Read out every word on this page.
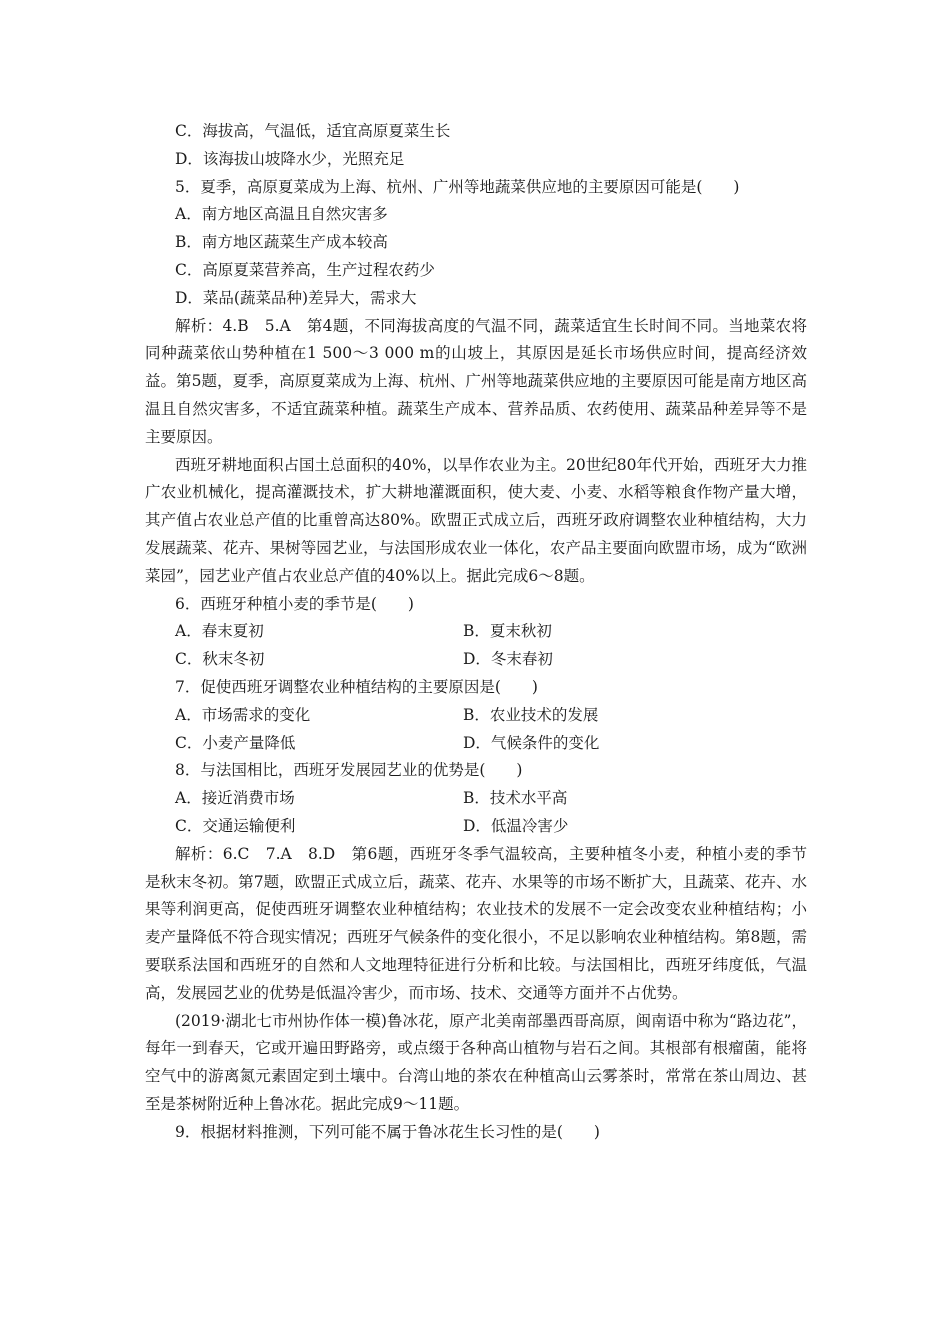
C．海拔高，气温低，适宜高原夏菜生长
D．该海拔山坡降水少，光照充足
5．夏季，高原夏菜成为上海、杭州、广州等地蔬菜供应地的主要原因可能是(　　)
A．南方地区高温且自然灾害多
B．南方地区蔬菜生产成本较高
C．高原夏菜营养高，生产过程农药少
D．菜品(蔬菜品种)差异大，需求大
解析：4.B　5.A　第4题，不同海拔高度的气温不同，蔬菜适宜生长时间不同。当地菜农将同种蔬菜依山势种植在1 500～3 000 m的山坡上，其原因是延长市场供应时间，提高经济效益。第5题，夏季，高原夏菜成为上海、杭州、广州等地蔬菜供应地的主要原因可能是南方地区高温且自然灾害多，不适宜蔬菜种植。蔬菜生产成本、营养品质、农药使用、蔬菜品种差异等不是主要原因。
西班牙耕地面积占国土总面积的40%，以旱作农业为主。20世纪80年代开始，西班牙大力推广农业机械化，提高灌溉技术，扩大耕地灌溉面积，使大麦、小麦、水稻等粮食作物产量大增，其产值占农业总产值的比重曾高达80%。欧盟正式成立后，西班牙政府调整农业种植结构，大力发展蔬菜、花卉、果树等园艺业，与法国形成农业一体化，农产品主要面向欧盟市场，成为“欧洲菜园”，园艺业产值占农业总产值的40%以上。据此完成6～8题。
6．西班牙种植小麦的季节是(　　)
A．春末夏初	B．夏末秋初
C．秋末冬初	D．冬末春初
7．促使西班牙调整农业种植结构的主要原因是(　　)
A．市场需求的变化	B．农业技术的发展
C．小麦产量降低	D．气候条件的变化
8．与法国相比，西班牙发展园艺业的优势是(　　)
A．接近消费市场	B．技术水平高
C．交通运输便利	D．低温冷害少
解析：6.C　7.A　8.D　第6题，西班牙冬季气温较高，主要种植冬小麦，种植小麦的季节是秋末冬初。第7题，欧盟正式成立后，蔬菜、花卉、水果等的市场不断扩大，且蔬菜、花卉、水果等利润更高，促使西班牙调整农业种植结构；农业技术的发展不一定会改变农业种植结构；小麦产量降低不符合现实情况；西班牙气候条件的变化很小，不足以影响农业种植结构。第8题，需要联系法国和西班牙的自然和人文地理特征进行分析和比较。与法国相比，西班牙纬度低，气温高，发展园艺业的优势是低温冷害少，而市场、技术、交通等方面并不占优势。
(2019·湖北七市州协作体一模)鲁冰花，原产北美南部墨西哥高原，闽南语中称为“路边花”，每年一到春天，它或开遍田野路旁，或点缀于各种高山植物与岩石之间。其根部有根瘤菌，能将空气中的游离氮元素固定到土壤中。台湾山地的茶农在种植高山云雾茶时，常常在茶山周边、甚至是茶树附近种上鲁冰花。据此完成9～11题。
9．根据材料推测，下列可能不属于鲁冰花生长习性的是(　　)
